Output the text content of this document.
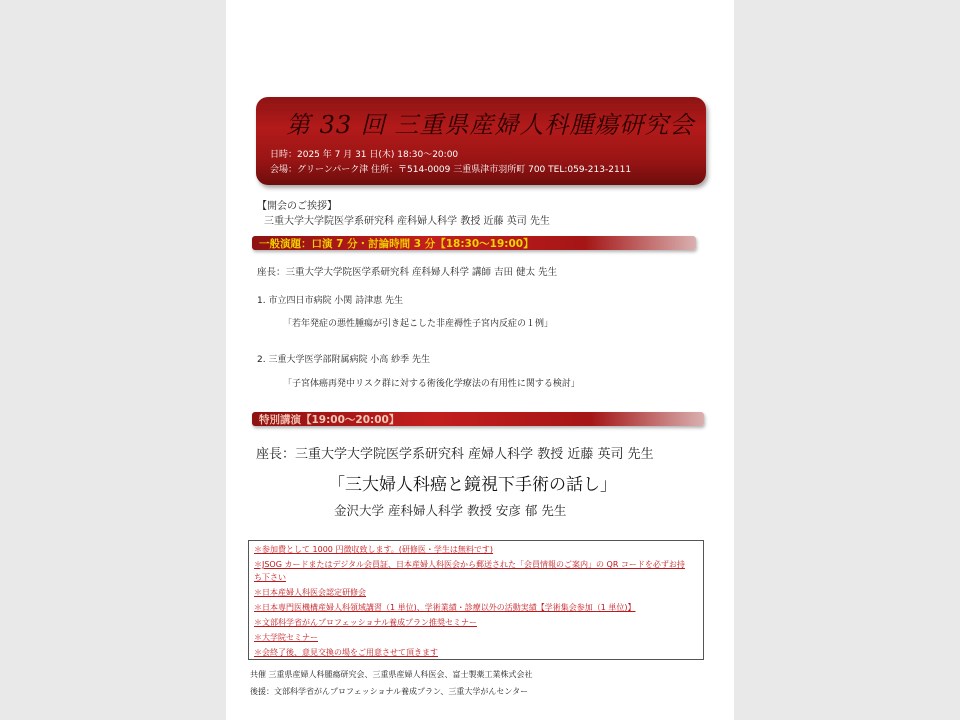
第 33 回 三重県産婦人科腫瘍研究会
日時：2025 年 7 月 31 日(木) 18:30〜20:00
会場：グリーンパーク津 住所：〒514-0009 三重県津市羽所町 700 TEL:059-213-2111
【開会のご挨拶】
三重大学大学院医学系研究科 産科婦人科学 教授 近藤 英司 先生
一般演題：口演 7 分・討論時間 3 分【18:30〜19:00】
座長：三重大学大学院医学系研究科 産科婦人科学 講師 吉田 健太 先生
1. 市立四日市病院 小関 詩津恵 先生
「若年発症の悪性腫瘍が引き起こした非産褥性子宮内反症の１例」
2. 三重大学医学部附属病院 小高 紗季 先生
「子宮体癌再発中リスク群に対する術後化学療法の有用性に関する検討」
特別講演【19:00〜20:00】
座長：三重大学大学院医学系研究科 産婦人科学 教授 近藤 英司 先生
「三大婦人科癌と鏡視下手術の話し」
金沢大学 産科婦人科学 教授 安彦 郁 先生
＊参加費として 1000 円徴収致します。(研修医・学生は無料です)
＊JSOG カードまたはデジタル会員証、日本産婦人科医会から郵送された「会員情報のご案内」の QR コードを必ずお持
ち下さい
＊日本産婦人科医会認定研修会
＊日本専門医機構産婦人科領域講習（1 単位)、学術業績・診療以外の活動実績【学術集会参加（1 単位)】
＊文部科学省がんプロフェッショナル養成プラン推奨セミナー
＊大学院セミナー
＊会終了後、意見交換の場をご用意させて頂きます
共催 三重県産婦人科腫瘍研究会、三重県産婦人科医会、富士製薬工業株式会社
後援：文部科学省がんプロフェッショナル養成プラン、三重大学がんセンター
